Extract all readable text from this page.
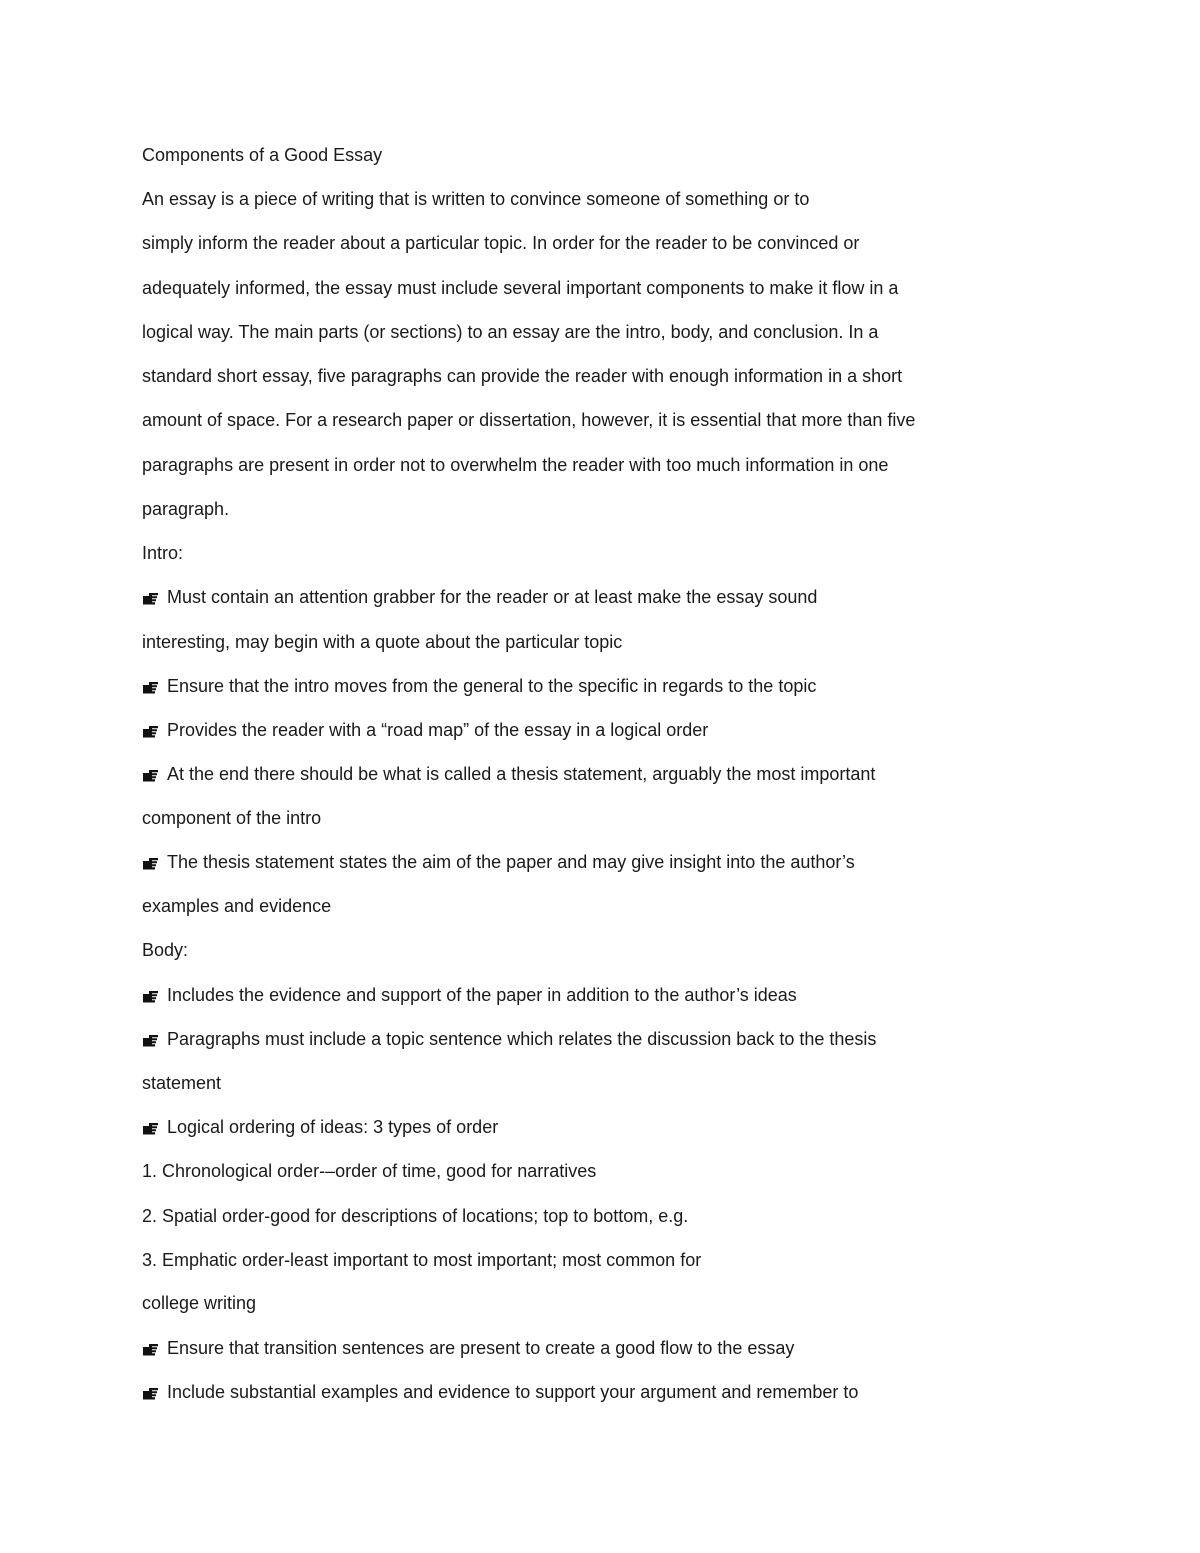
Components of a Good Essay
An essay is a piece of writing that is written to convince someone of something or to
simply inform the reader about a particular topic. In order for the reader to be convinced or
adequately informed, the essay must include several important components to make it flow in a
logical way. The main parts (or sections) to an essay are the intro, body, and conclusion. In a
standard short essay, five paragraphs can provide the reader with enough information in a short
amount of space. For a research paper or dissertation, however, it is essential that more than five
paragraphs are present in order not to overwhelm the reader with too much information in one
paragraph.
Intro:
Must contain an attention grabber for the reader or at least make the essay sound
interesting, may begin with a quote about the particular topic
Ensure that the intro moves from the general to the specific in regards to the topic
Provides the reader with a “road map” of the essay in a logical order
At the end there should be what is called a thesis statement, arguably the most important
component of the intro
The thesis statement states the aim of the paper and may give insight into the author’s
examples and evidence
Body:
Includes the evidence and support of the paper in addition to the author’s ideas
Paragraphs must include a topic sentence which relates the discussion back to the thesis
statement
Logical ordering of ideas: 3 types of order
1. Chronological order-–order of time, good for narratives
2. Spatial order-good for descriptions of locations; top to bottom, e.g.
3. Emphatic order-least important to most important; most common for
college writing
Ensure that transition sentences are present to create a good flow to the essay
Include substantial examples and evidence to support your argument and remember to
